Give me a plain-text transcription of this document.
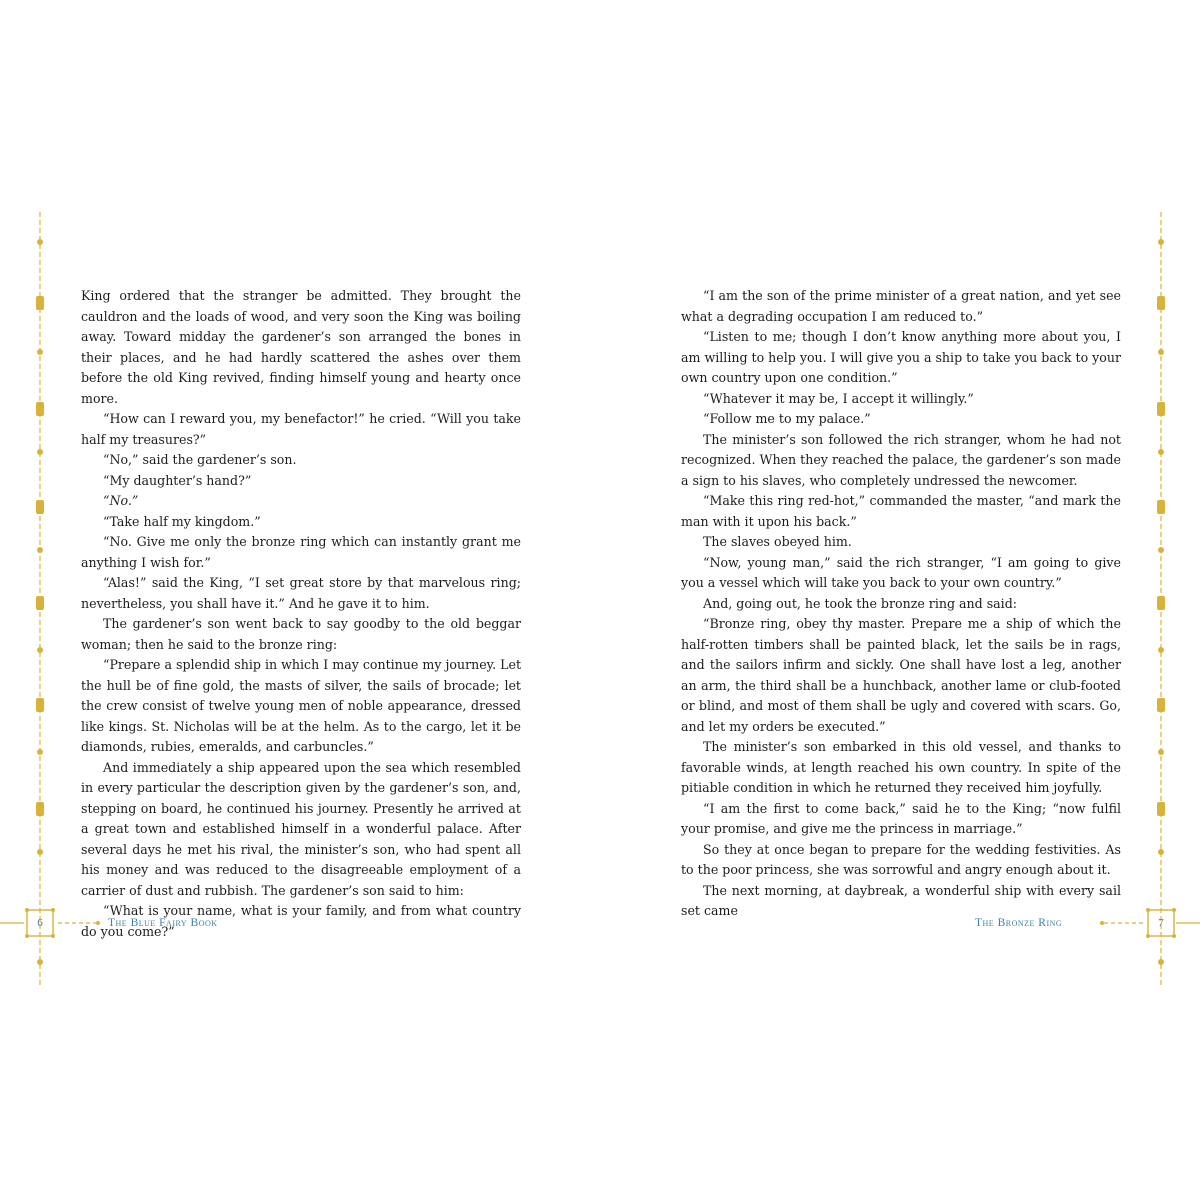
6	The Blue Fairy Book	7
The Bronze Ring

King ordered that the stranger be admitted. They brought the cauldron and the loads of wood, and very soon the King was boiling away. Toward midday the gardener’s son arranged the bones in their places, and he had hardly scattered the ashes over them before the old King revived, finding himself young and hearty once more.

“How can I reward you, my benefactor!” he cried. “Will you take half my treasures?”

“No,” said the gardener’s son.

“My daughter’s hand?”

“No.”

“Take half my kingdom.”

“No. Give me only the bronze ring which can instantly grant me anything I wish for.”

“Alas!” said the King, “I set great store by that marvelous ring; nevertheless, you shall have it.” And he gave it to him.

The gardener’s son went back to say goodby to the old beggar woman; then he said to the bronze ring:

“Prepare a splendid ship in which I may continue my journey. Let the hull be of fine gold, the masts of silver, the sails of brocade; let the crew consist of twelve young men of noble appearance, dressed like kings. St. Nicholas will be at the helm. As to the cargo, let it be diamonds, rubies, emeralds, and carbuncles.”

And immediately a ship appeared upon the sea which resembled in every particular the description given by the gardener’s son, and, stepping on board, he continued his journey. Presently he arrived at a great town and established himself in a wonderful palace. After several days he met his rival, the minister’s son, who had spent all his money and was reduced to the disagreeable employment of a carrier of dust and rubbish. The gardener’s son said to him:

“What is your name, what is your family, and from what country do you come?”

“I am the son of the prime minister of a great nation, and yet see what a degrading occupation I am reduced to.”

“Listen to me; though I don’t know anything more about you, I am willing to help you. I will give you a ship to take you back to your own country upon one condition.”

“Whatever it may be, I accept it willingly.”

“Follow me to my palace.”

The minister’s son followed the rich stranger, whom he had not recognized. When they reached the palace, the gardener’s son made a sign to his slaves, who completely undressed the newcomer.

“Make this ring red-hot,” commanded the master, “and mark the man with it upon his back.”

The slaves obeyed him.

“Now, young man,” said the rich stranger, “I am going to give you a vessel which will take you back to your own country.”

And, going out, he took the bronze ring and said:

“Bronze ring, obey thy master. Prepare me a ship of which the half-rotten timbers shall be painted black, let the sails be in rags, and the sailors infirm and sickly. One shall have lost a leg, another an arm, the third shall be a hunchback, another lame or club-footed or blind, and most of them shall be ugly and covered with scars. Go, and let my orders be executed.”

The minister’s son embarked in this old vessel, and thanks to favorable winds, at length reached his own country. In spite of the pitiable condition in which he returned they received him joyfully.

“I am the first to come back,” said he to the King; “now fulfil your promise, and give me the princess in marriage.”

So they at once began to prepare for the wedding festivities. As to the poor princess, she was sorrowful and angry enough about it.

The next morning, at daybreak, a wonderful ship with every sail set came
